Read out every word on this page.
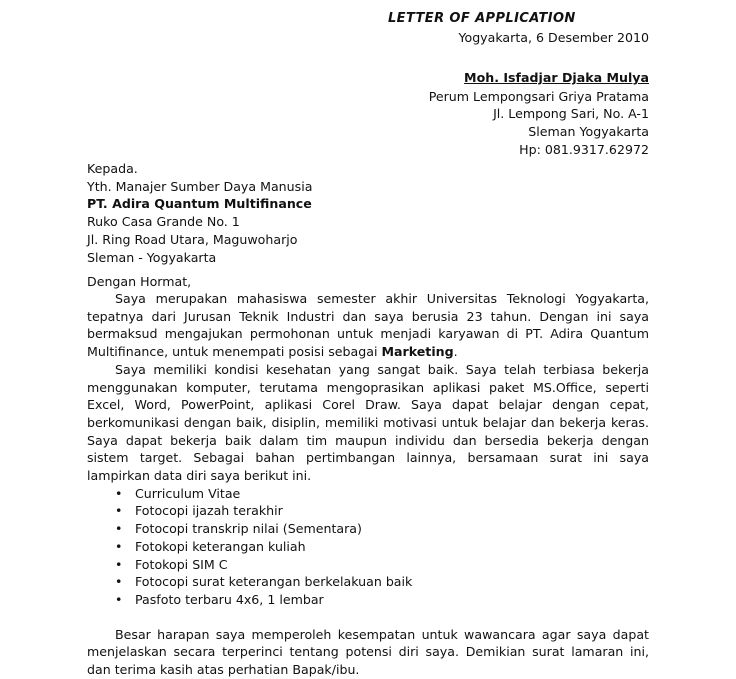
LETTER OF APPLICATION
Yogyakarta, 6 Desember 2010
Moh. Isfadjar Djaka Mulya
Perum Lempongsari Griya Pratama
Jl. Lempong Sari, No. A-1
Sleman Yogyakarta
Hp: 081.9317.62972
Kepada.
Yth. Manajer Sumber Daya Manusia
PT. Adira Quantum Multifinance
Ruko Casa Grande No. 1
Jl. Ring Road Utara, Maguwoharjo
Sleman - Yogyakarta
Dengan Hormat,

Saya merupakan mahasiswa semester akhir Universitas Teknologi Yogyakarta, tepatnya dari Jurusan Teknik Industri dan saya berusia 23 tahun. Dengan ini saya bermaksud mengajukan permohonan untuk menjadi karyawan di PT. Adira Quantum Multifinance, untuk menempati posisi sebagai Marketing.

Saya memiliki kondisi kesehatan yang sangat baik. Saya telah terbiasa bekerja menggunakan komputer, terutama mengoprasikan aplikasi paket MS.Office, seperti Excel, Word, PowerPoint, aplikasi Corel Draw. Saya dapat belajar dengan cepat, berkomunikasi dengan baik, disiplin, memiliki motivasi untuk belajar dan bekerja keras. Saya dapat bekerja baik dalam tim maupun individu dan bersedia bekerja dengan sistem target. Sebagai bahan pertimbangan lainnya, bersamaan surat ini saya lampirkan data diri saya berikut ini.

• Curriculum Vitae
• Fotocopi ijazah terakhir
• Fotocopi transkrip nilai (Sementara)
• Fotokopi keterangan kuliah
• Fotokopi SIM C
• Fotocopi surat keterangan berkelakuan baik
• Pasfoto terbaru 4x6, 1 lembar

Besar harapan saya memperoleh kesempatan untuk wawancara agar saya dapat menjelaskan secara terperinci tentang potensi diri saya. Demikian surat lamaran ini, dan terima kasih atas perhatian Bapak/ibu.
